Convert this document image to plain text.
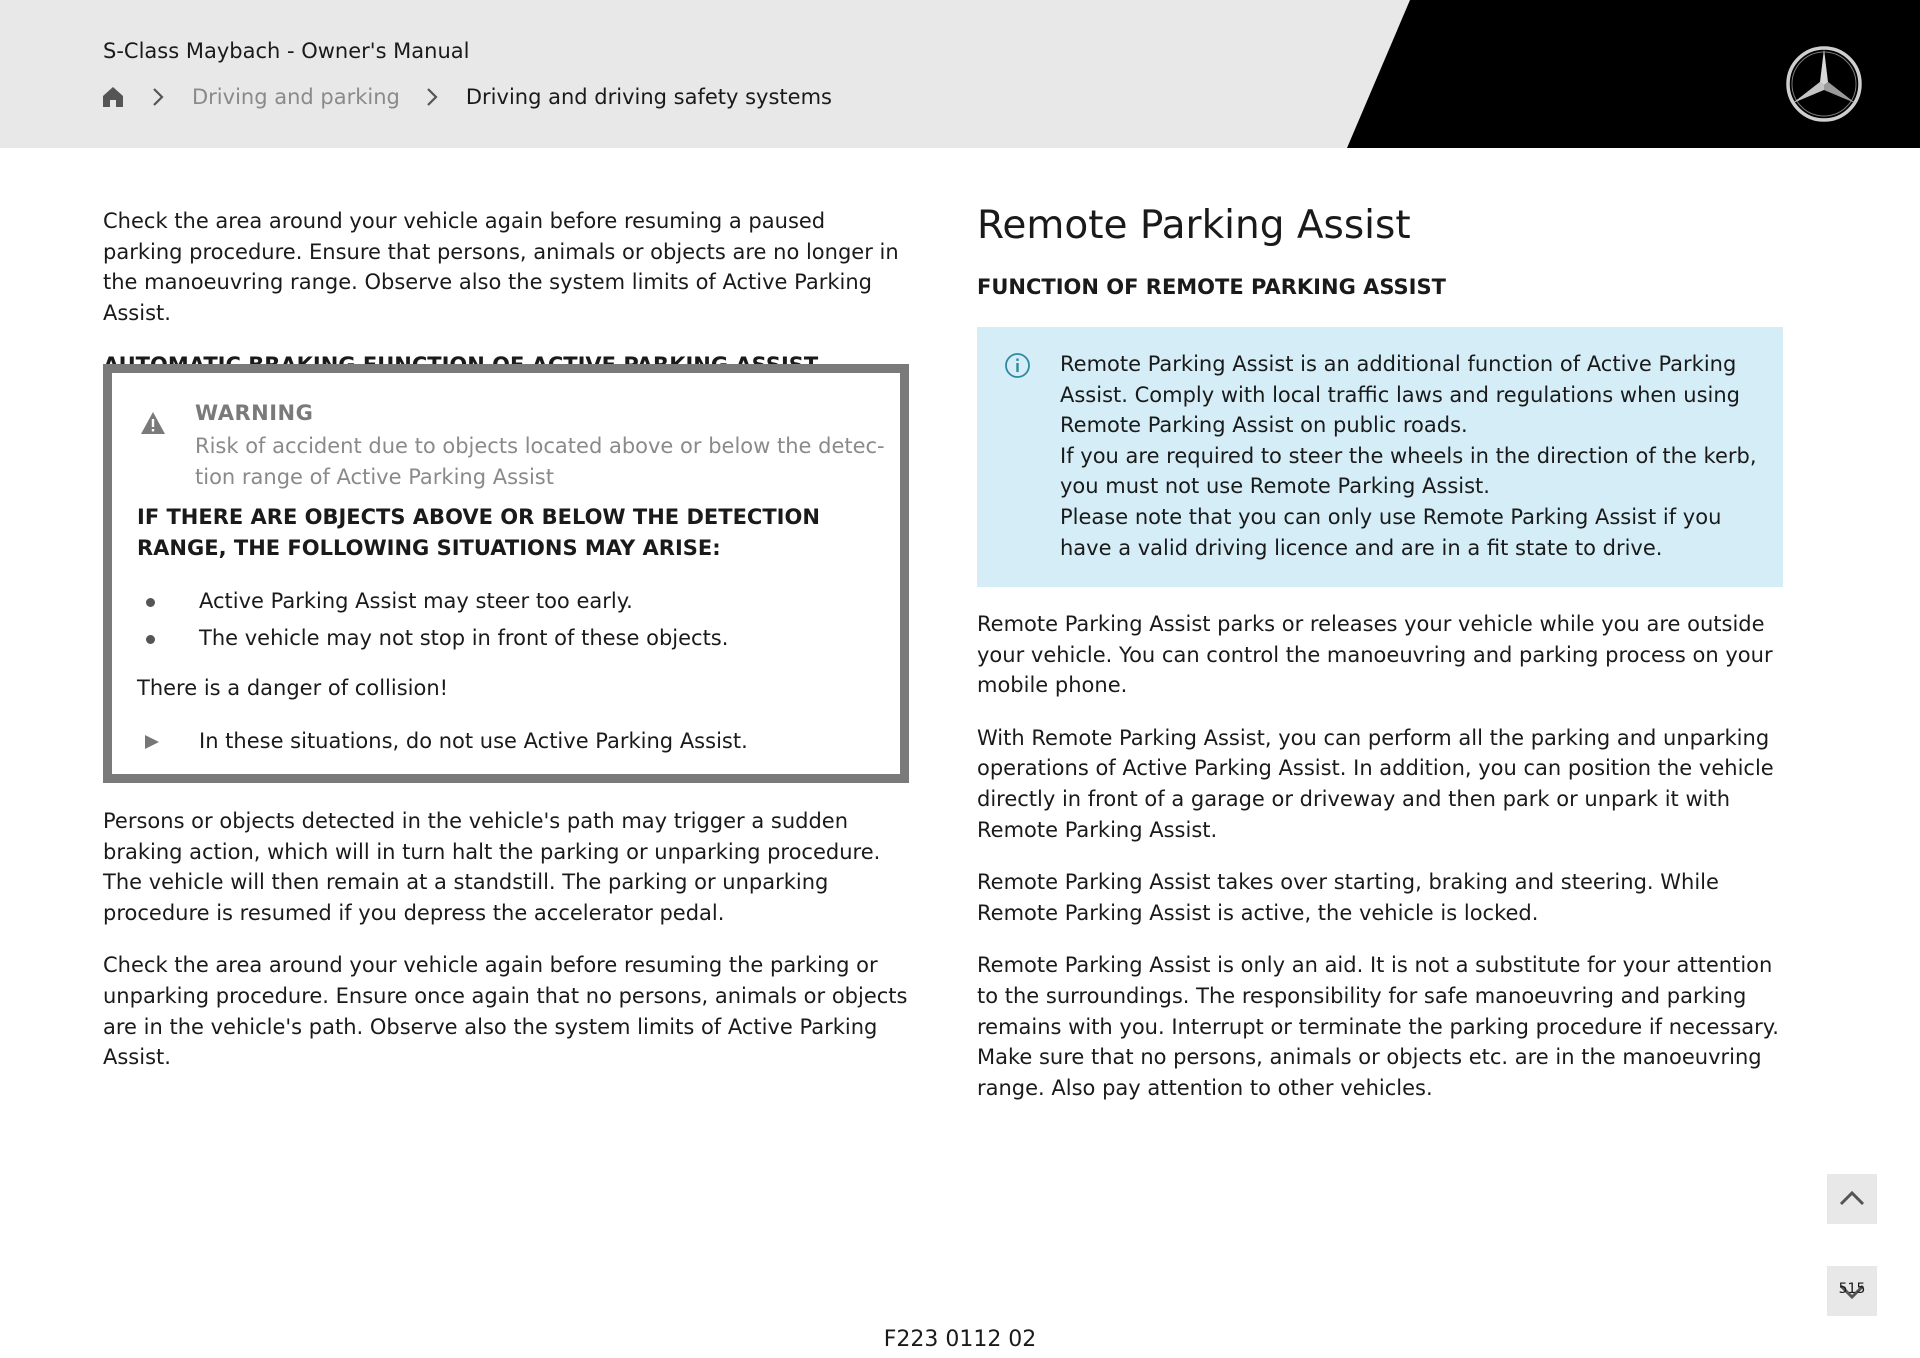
S-Class Maybach - Owner's Manual
Driving and parking	Driving and driving safety systems

Check the area around your vehicle again before resuming a paused parking procedure. Ensure that persons, animals or objects are no longer in the manoeuvring range. Observe also the system limits of Active Parking Assist.

WARNING
Risk of accident due to objects located above or below the detec-tion range of Active Parking Assist
IF THERE ARE OBJECTS ABOVE OR BELOW THE DETECTION RANGE, THE FOLLOWING SITUATIONS MAY ARISE:
Active Parking Assist may steer too early.
The vehicle may not stop in front of these objects.
There is a danger of collision!
In these situations, do not use Active Parking Assist.

Persons or objects detected in the vehicle's path may trigger a sudden braking action, which will in turn halt the parking or unparking procedure. The vehicle will then remain at a standstill. The parking or unparking procedure is resumed if you depress the accelerator pedal.

Check the area around your vehicle again before resuming the parking or unparking procedure. Ensure once again that no persons, animals or objects are in the vehicle's path. Observe also the system limits of Active Parking Assist.

Remote Parking Assist
FUNCTION OF REMOTE PARKING ASSIST
Remote Parking Assist is an additional function of Active Parking Assist. Comply with local traffic laws and regulations when using Remote Parking Assist on public roads.
If you are required to steer the wheels in the direction of the kerb, you must not use Remote Parking Assist.
Please note that you can only use Remote Parking Assist if you have a valid driving licence and are in a fit state to drive.

Remote Parking Assist parks or releases your vehicle while you are outside your vehicle. You can control the manoeuvring and parking process on your mobile phone.

With Remote Parking Assist, you can perform all the parking and unparking operations of Active Parking Assist. In addition, you can position the vehicle directly in front of a garage or driveway and then park or unpark it with Remote Parking Assist.

Remote Parking Assist takes over starting, braking and steering. While Remote Parking Assist is active, the vehicle is locked.

Remote Parking Assist is only an aid. It is not a substitute for your attention to the surroundings. The responsibility for safe manoeuvring and parking remains with you. Interrupt or terminate the parking procedure if necessary. Make sure that no persons, animals or objects etc. are in the manoeuvring range. Also pay attention to other vehicles.

515
F223 0112 02
